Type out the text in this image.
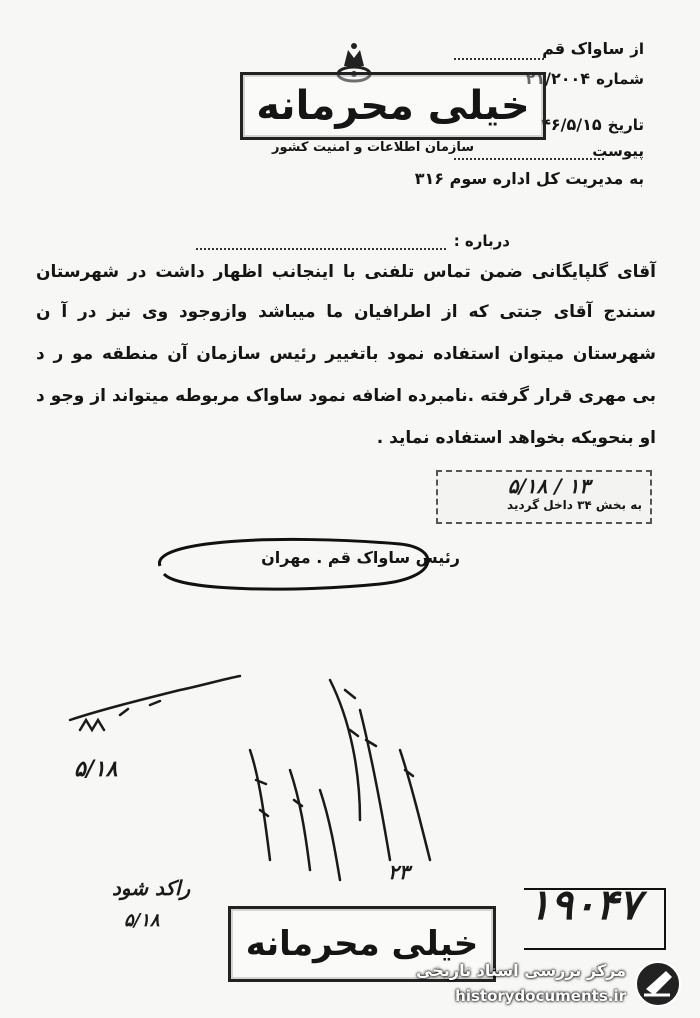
از
ساواک قم
شماره
۲۱/۲۰۰۴
تاریخ
۴۶/۵/۱۵
پیوست
به
مدیریت کل اداره سوم ۳۱۶
سازمان اطلاعات و امنیت کشور
خیلی محرمانه
درباره :
آقای گلپایگانی ضمن تماس تلفنی با اینجانب اظهار داشت در شهرستان
سنندج آقای جنتی که از اطرافیان ما میباشد وازوجود وی نیز در آ ن
شهرستان میتوان استفاده نمود باتغییر رئیس سازمان آن منطقه مو ر د
بی مهری قرار گرفته .نامبرده اضافه نمود ساواک مربوطه میتواند از وجو د
او بنحویکه بخواهد استفاده نماید .
۱۳ / ۵/۱۸
به بخش ۳۴ داخل گردید
رئیس ساواک قم . مهران
۵/۱۸
راکد شود
۵/۱۸
۲۳
۱۹۰۴۷
خیلی محرمانه
مرکز بررسی اسناد تاریخی
historydocuments.ir
